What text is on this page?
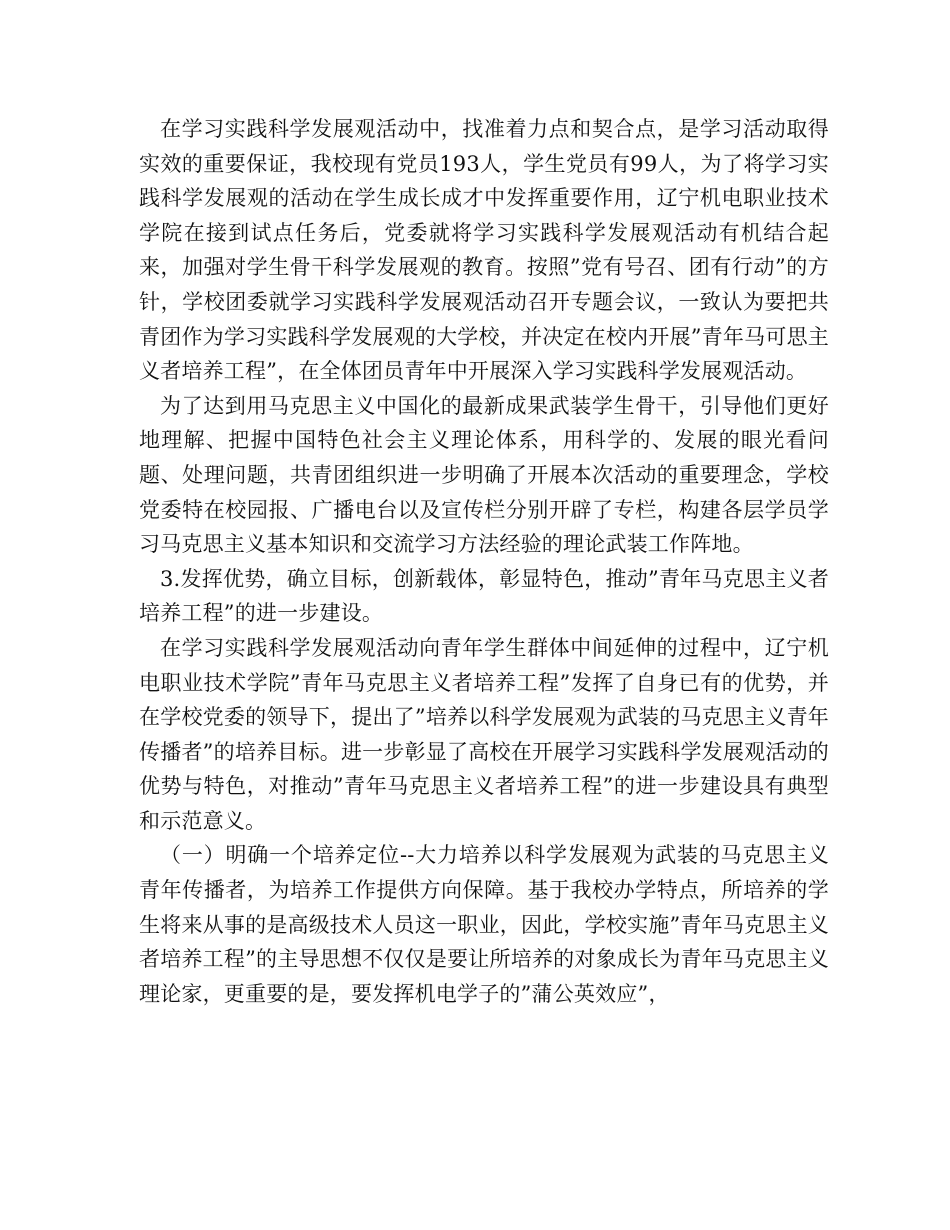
在学习实践科学发展观活动中，找准着力点和契合点，是学习活动取得实效的重要保证，我校现有党员193人，学生党员有99人，为了将学习实践科学发展观的活动在学生成长成才中发挥重要作用，辽宁机电职业技术学院在接到试点任务后，党委就将学习实践科学发展观活动有机结合起来，加强对学生骨干科学发展观的教育。按照”党有号召、团有行动”的方针，学校团委就学习实践科学发展观活动召开专题会议，一致认为要把共青团作为学习实践科学发展观的大学校，并决定在校内开展”青年马可思主义者培养工程”，在全体团员青年中开展深入学习实践科学发展观活动。

为了达到用马克思主义中国化的最新成果武装学生骨干，引导他们更好地理解、把握中国特色社会主义理论体系，用科学的、发展的眼光看问题、处理问题，共青团组织进一步明确了开展本次活动的重要理念，学校党委特在校园报、广播电台以及宣传栏分别开辟了专栏，构建各层学员学习马克思主义基本知识和交流学习方法经验的理论武装工作阵地。

3.发挥优势，确立目标，创新载体，彰显特色，推动”青年马克思主义者培养工程”的进一步建设。

在学习实践科学发展观活动向青年学生群体中间延伸的过程中，辽宁机电职业技术学院”青年马克思主义者培养工程”发挥了自身已有的优势，并在学校党委的领导下，提出了”培养以科学发展观为武装的马克思主义青年传播者”的培养目标。进一步彰显了高校在开展学习实践科学发展观活动的优势与特色，对推动”青年马克思主义者培养工程”的进一步建设具有典型和示范意义。

（一）明确一个培养定位--大力培养以科学发展观为武装的马克思主义青年传播者，为培养工作提供方向保障。基于我校办学特点，所培养的学生将来从事的是高级技术人员这一职业，因此，学校实施”青年马克思主义者培养工程”的主导思想不仅仅是要让所培养的对象成长为青年马克思主义理论家，更重要的是，要发挥机电学子的”蒲公英效应”，
